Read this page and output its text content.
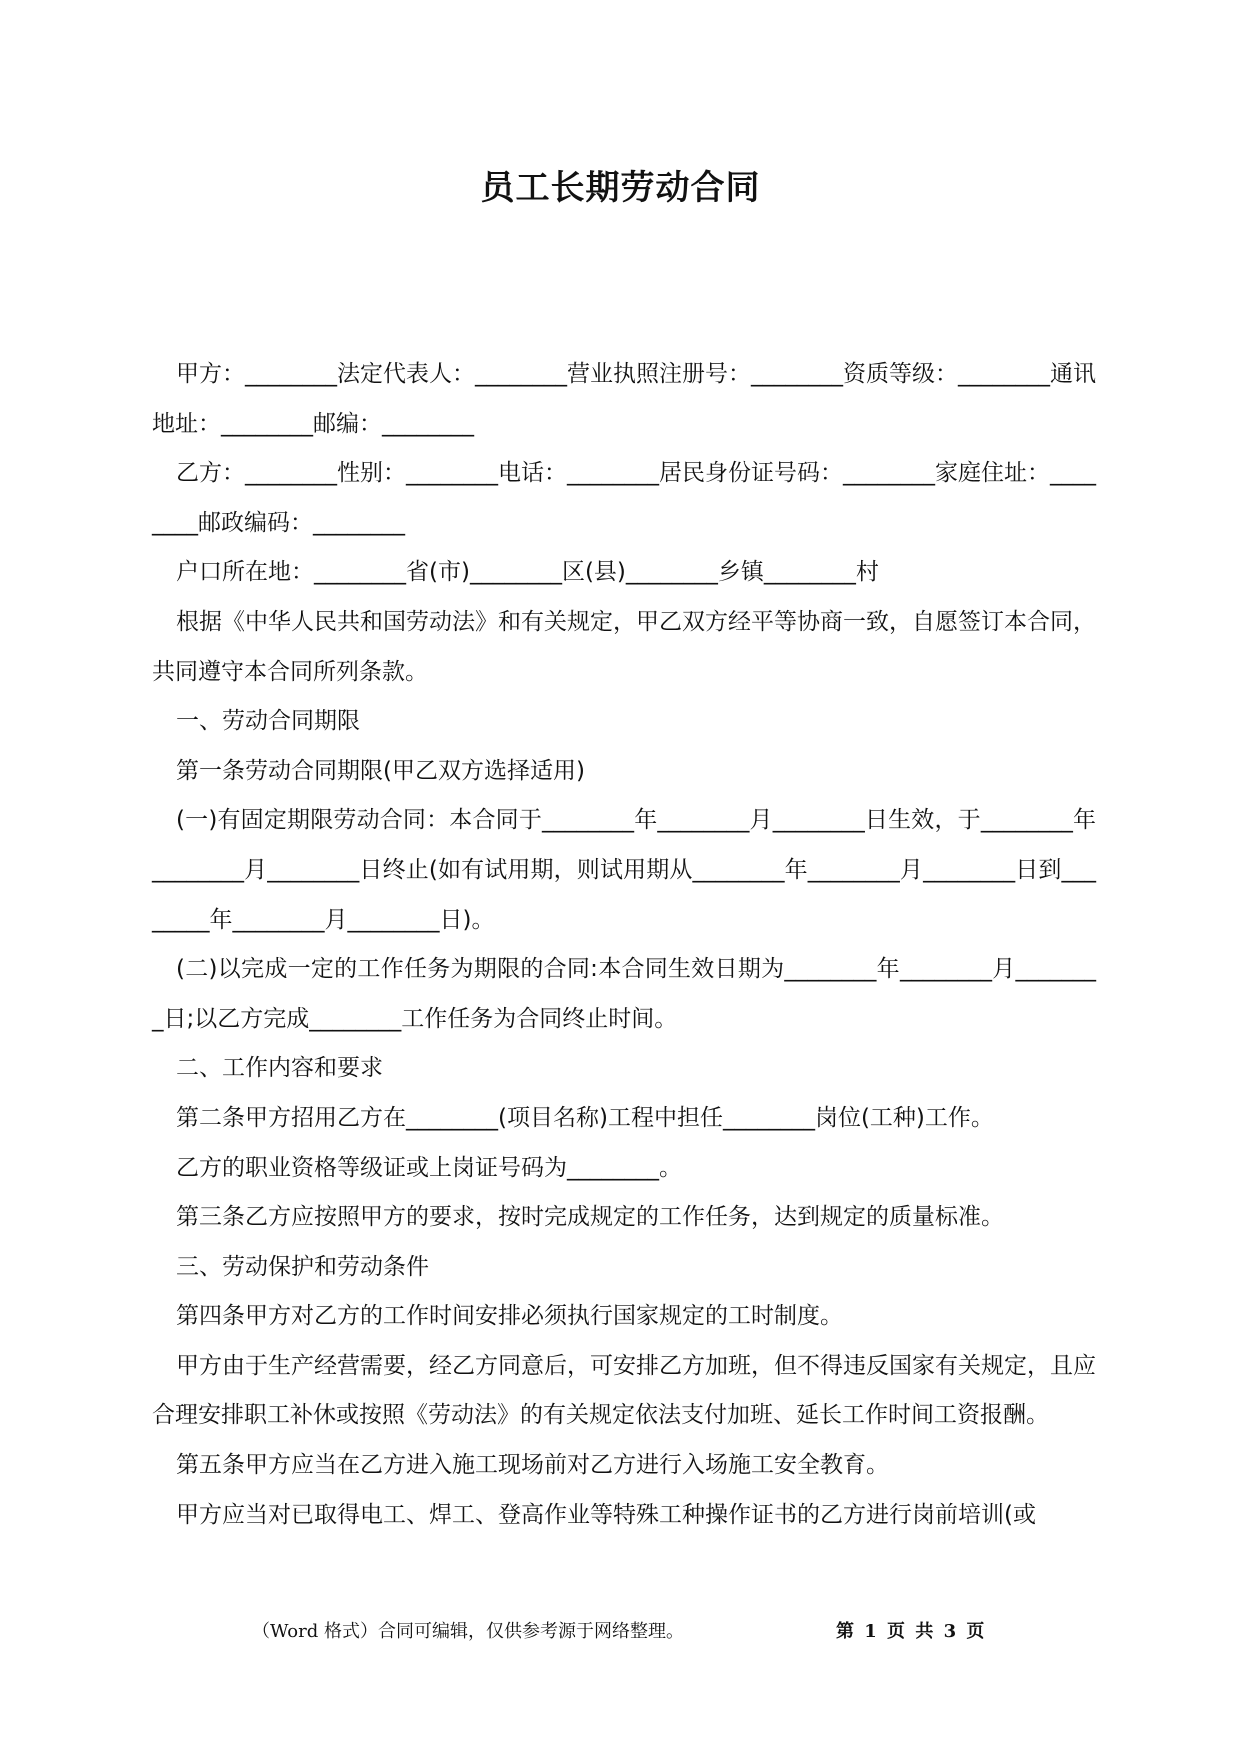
员工长期劳动合同

甲方：________法定代表人：________营业执照注册号：________资质等级：________通讯地址：________邮编：________

乙方：________性别：________电话：________居民身份证号码：________家庭住址：________邮政编码：________

户口所在地：________省(市)________区(县)________乡镇________村

根据《中华人民共和国劳动法》和有关规定，甲乙双方经平等协商一致，自愿签订本合同，共同遵守本合同所列条款。

一、劳动合同期限

第一条劳动合同期限(甲乙双方选择适用)

(一)有固定期限劳动合同：本合同于________年________月________日生效，于________年________月________日终止(如有试用期，则试用期从________年________月________日到________年________月________日)。

(二)以完成一定的工作任务为期限的合同:本合同生效日期为________年________月________日;以乙方完成________工作任务为合同终止时间。

二、工作内容和要求

第二条甲方招用乙方在________(项目名称)工程中担任________岗位(工种)工作。

乙方的职业资格等级证或上岗证号码为________。

第三条乙方应按照甲方的要求，按时完成规定的工作任务，达到规定的质量标准。

三、劳动保护和劳动条件

第四条甲方对乙方的工作时间安排必须执行国家规定的工时制度。

甲方由于生产经营需要，经乙方同意后，可安排乙方加班，但不得违反国家有关规定，且应合理安排职工补休或按照《劳动法》的有关规定依法支付加班、延长工作时间工资报酬。

第五条甲方应当在乙方进入施工现场前对乙方进行入场施工安全教育。

甲方应当对已取得电工、焊工、登高作业等特殊工种操作证书的乙方进行岗前培训(或

（Word 格式）合同可编辑，仅供参考源于网络整理。	第 1 页 共 3 页
